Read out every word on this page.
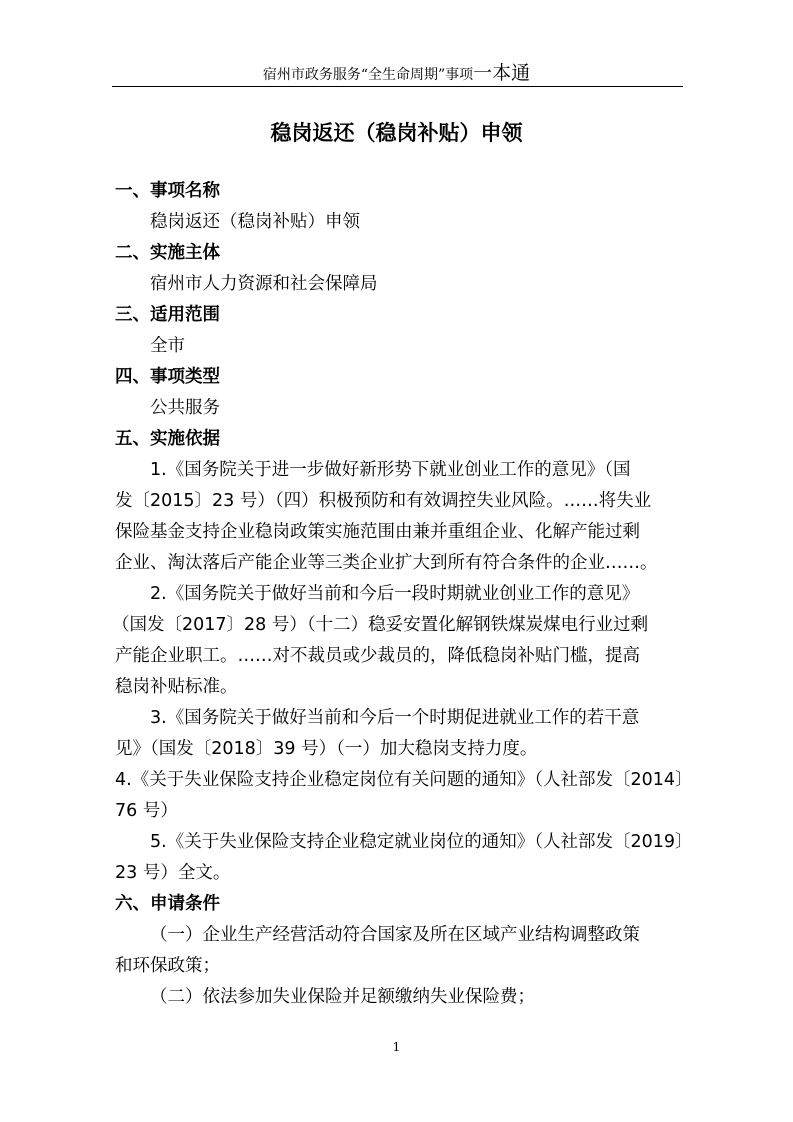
宿州市政务服务“全生命周期”事项一本通
稳岗返还（稳岗补贴）申领
一、事项名称
稳岗返还（稳岗补贴）申领
二、实施主体
宿州市人力资源和社会保障局
三、适用范围
全市
四、事项类型
公共服务
五、实施依据
1.《国务院关于进一步做好新形势下就业创业工作的意见》（国
发〔2015〕23 号）（四）积极预防和有效调控失业风险。……将失业
保险基金支持企业稳岗政策实施范围由兼并重组企业、化解产能过剩
企业、淘汰落后产能企业等三类企业扩大到所有符合条件的企业……。
2.《国务院关于做好当前和今后一段时期就业创业工作的意见》
（国发〔2017〕28 号）（十二）稳妥安置化解钢铁煤炭煤电行业过剩
产能企业职工。……对不裁员或少裁员的，降低稳岗补贴门槛，提高
稳岗补贴标准。
3.《国务院关于做好当前和今后一个时期促进就业工作的若干意
见》（国发〔2018〕39 号）（一）加大稳岗支持力度。
4.《关于失业保险支持企业稳定岗位有关问题的通知》（人社部发〔2014〕
76 号）
5.《关于失业保险支持企业稳定就业岗位的通知》（人社部发〔2019〕
23 号）全文。
六、申请条件
（一）企业生产经营活动符合国家及所在区域产业结构调整政策
和环保政策；
（二）依法参加失业保险并足额缴纳失业保险费；
1
